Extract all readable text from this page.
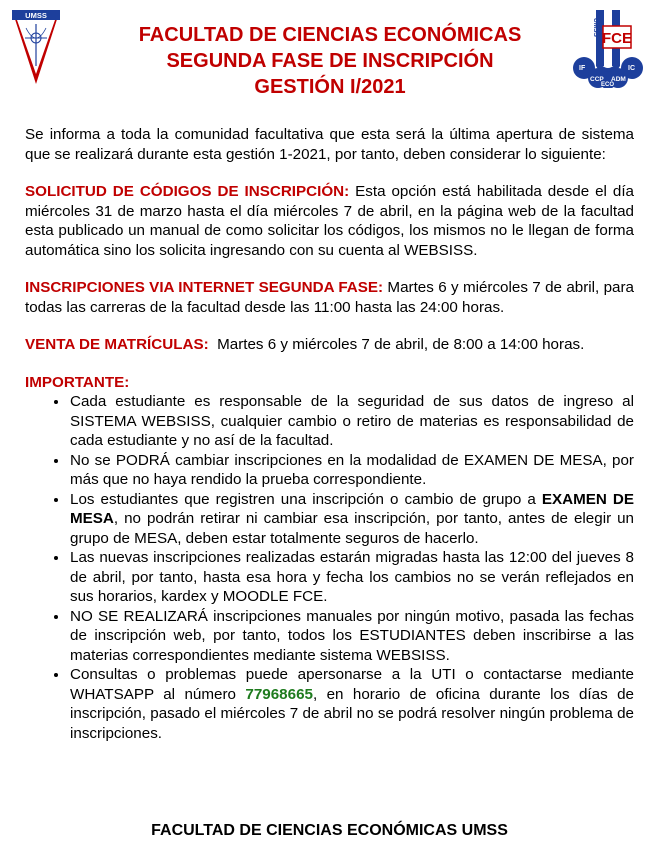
UMSS
FCE
UMSS
IF	IC
CCP
ECO
ADM
FACULTAD DE CIENCIAS ECONÓMICAS
SEGUNDA FASE DE INSCRIPCIÓN
GESTIÓN I/2021

Se informa a toda la comunidad facultativa que esta será la última apertura de sistema que se realizará durante esta gestión 1-2021, por tanto, deben considerar lo siguiente:

SOLICITUD DE CÓDIGOS DE INSCRIPCIÓN: Esta opción está habilitada desde el día miércoles 31 de marzo hasta el día miércoles 7 de abril, en la página web de la facultad esta publicado un manual de como solicitar los códigos, los mismos no le llegan de forma automática sino los solicita ingresando con su cuenta al WEBSISS.

INSCRIPCIONES VIA INTERNET SEGUNDA FASE: Martes 6 y miércoles 7 de abril, para todas las carreras de la facultad desde las 11:00 hasta las 24:00 horas.

VENTA DE MATRÍCULAS:  Martes 6 y miércoles 7 de abril, de 8:00 a 14:00 horas.

IMPORTANTE:

• Cada estudiante es responsable de la seguridad de sus datos de ingreso al SISTEMA WEBSISS, cualquier cambio o retiro de materias es responsabilidad de cada estudiante y no así de la facultad.
• No se PODRÁ cambiar inscripciones en la modalidad de EXAMEN DE MESA, por más que no haya rendido la prueba correspondiente.
• Los estudiantes que registren una inscripción o cambio de grupo a EXAMEN DE MESA, no podrán retirar ni cambiar esa inscripción, por tanto, antes de elegir un grupo de MESA, deben estar totalmente seguros de hacerlo.
• Las nuevas inscripciones realizadas estarán migradas hasta las 12:00 del jueves 8 de abril, por tanto, hasta esa hora y fecha los cambios no se verán reflejados en sus horarios, kardex y MOODLE FCE.
• NO SE REALIZARÁ inscripciones manuales por ningún motivo, pasada las fechas de inscripción web, por tanto, todos los ESTUDIANTES deben inscribirse a las materias correspondientes mediante sistema WEBSISS.
• Consultas o problemas puede apersonarse a la UTI o contactarse mediante WHATSAPP al número 77968665, en horario de oficina durante los días de inscripción, pasado el miércoles 7 de abril no se podrá resolver ningún problema de inscripciones.
FACULTAD DE CIENCIAS ECONÓMICAS UMSS
